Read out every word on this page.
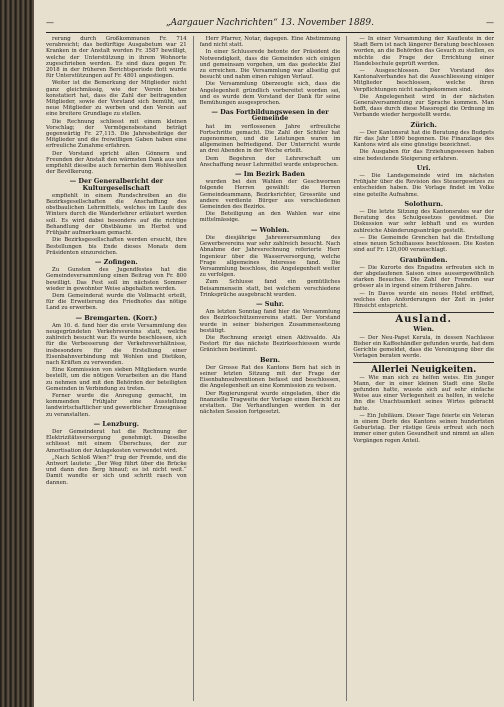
—	„Aargauer Nachrichten“ 13. November 1889.	—

rerung durch Großkommunen Fr. 714 verabreicht; das bedürftige Ausgabetum war 21 Kranken in der Anstalt worden Fr. 3587 bewilligt, welche der Unterstützung in ihrem Wohnorte zugeschrieben werden. Es sind dazu gegen Fr. 2018 in der früheren Berichtsperiode flott wurde für Unterstützungen auf Fr. 4801 angestiegen.

Weiter ist die Bemerkung der Mitglieder nicht ganz gleichmässig, wie der Verein bisher konstatiert hat, dass die Zahl der beitragenden Mitglieder, sowie der Vorstand sich bemüht, um neue Mitglieder zu werben und den Verein auf eine breitere Grundlage zu stellen.

Die Rechnung schliesst mit einem kleinen Vorschlag; der Vermögensbestand beträgt gegenwärtig Fr. 27,115. Die Jahresbeiträge der Mitglieder und die freiwilligen Gaben haben eine erfreuliche Zunahme erfahren.

Der Vorstand spricht allen Gönnern und Freunden der Anstalt den wärmsten Dank aus und empfiehlt dieselbe auch fernerhin dem Wohlwollen der Bevölkerung.

— Der Generalbericht der Kulturgesellschaft

empfiehlt in einem Rundschreiben an die Bezirksgesellschaften die Anschaffung des obstbaulichen Lehrmittels, welches im Laufe des Winters durch die Wanderlehrer erläutert werden soll. Es wird dabei besonders auf die richtige Behandlung der Obstbäume im Herbst und Frühjahr aufmerksam gemacht.

Die Bezirksgesellschaften werden ersucht, ihre Bestellungen bis Ende dieses Monats dem Präsidenten einzureichen.

— Zofingen.

Zu Gunsten des Jugendfestes hat die Gemeindeversammlung einen Beitrag von Fr. 800 bewilligt. Das Fest soll im nächsten Sommer wieder in gewohnter Weise abgehalten werden.

Dem Gemeinderat wurde die Vollmacht erteilt, für die Erweiterung des Friedhofes das nötige Land zu erwerben.

— Bremgarten. (Korr.)

Am 10. d. fand hier die erste Versammlung des neugegründeten Verkehrsvereins statt, welche zahlreich besucht war. Es wurde beschlossen, sich für die Verbesserung der Verkehrsverhältnisse, insbesondere für die Erstellung einer Eisenbahnverbindung mit Wohlen und Dietikon, nach Kräften zu verwenden.

Eine Kommission von sieben Mitgliedern wurde bestellt, um die nötigen Vorarbeiten an die Hand zu nehmen und mit den Behörden der beteiligten Gemeinden in Verbindung zu treten.

Ferner wurde die Anregung gemacht, im kommenden Frühjahr eine Ausstellung landwirtschaftlicher und gewerblicher Erzeugnisse zu veranstalten.

— Lenzburg.

Der Gemeinderat hat die Rechnung der Elektrizitätsversorgung genehmigt. Dieselbe schliesst mit einem Überschuss, der zur Amortisation der Anlagekosten verwendet wird.

„Nach Schloß Wien?“ frug der Fremde, und die Antwort lautete: „Der Weg führt über die Brücke und dann den Berg hinauf; es ist nicht weit.“ Damit wandte er sich und schritt rasch von dannen.

Herr Pfarrer, Notar, dagegen. Eine Abstimmung fand nicht statt.

In einer Schlussrede betonte der Präsident die Notwendigkeit, dass die Gemeinden sich einigen und gemeinsam vorgehen, um das gesteckte Ziel zu erreichen. Die Versammlung war allseitig gut besucht und nahm einen ruhigen Verlauf.

Die Versammlung überzeugte sich, dass die Angelegenheit gründlich vorbereitet worden sei, und es wurde dem Vorstand der Dank für seine Bemühungen ausgesprochen.

— Das Fortbildungswesen in der Gemeinde

hat im verflossenen Jahre erfreuliche Fortschritte gemacht. Die Zahl der Schüler hat zugenommen, und die Leistungen waren im allgemeinen befriedigend. Der Unterricht wurde an drei Abenden in der Woche erteilt.

Dem Begehren der Lehrerschaft um Anschaffung neuer Lehrmittel wurde entsprochen.

— Im Bezirk Baden

wurden bei den Wahlen der Geschwornen folgende Herren gewählt: die Herren Gemeindeammann, Bezirksrichter, Grossräte und andere verdiente Bürger aus verschiedenen Gemeinden des Bezirks.

Die Beteiligung an den Wahlen war eine mittelmässige.

— Wohlen.

Die diesjährige Jahresversammlung des Gewerbevereins war sehr zahlreich besucht. Nach Abnahme der Jahresrechnung referierte Herr Ingenieur über die Wasserversorgung, welche Frage allgemeines Interesse fand. Die Versammlung beschloss, die Angelegenheit weiter zu verfolgen.

Zum Schlusse fand ein gemütliches Beisammensein statt, bei welchem verschiedene Trinksprüche ausgebracht wurden.

— Suhr.

Am letzten Sonntag fand hier die Versammlung des Bezirksschützenvereins statt. Der Vorstand wurde in seiner bisherigen Zusammensetzung bestätigt.

Die Rechnung erzeigt einen Aktivsaldo. Als Festort für das nächste Bezirksschiessen wurde Gränichen bestimmt.

Bern.

Der Grosse Rat des Kantons Bern hat sich in seiner letzten Sitzung mit der Frage der Eisenbahnsubventionen befasst und beschlossen, die Angelegenheit an eine Kommission zu weisen.

Der Regierungsrat wurde eingeladen, über die finanzielle Tragweite der Vorlage einen Bericht zu erstatten. Die Verhandlungen werden in der nächsten Session fortgesetzt.

— In einer Versammlung der Kaufleute in der Stadt Bern ist nach längerer Beratung beschlossen worden, an die Behörden das Gesuch zu stellen, es möchte die Frage der Errichtung einer Handelsschule geprüft werden.

— Ausgeschlossen. Der Vorstand des Kantonalverbandes hat die Ausschliessung einiger Mitglieder beschlossen, welche ihren Verpflichtungen nicht nachgekommen sind.

Die Angelegenheit wird in der nächsten Generalversammlung zur Sprache kommen. Man hofft, dass durch diese Massregel die Ordnung im Verbande wieder hergestellt werde.

Zürich.

— Der Kantonsrat hat die Beratung des Budgets für das Jahr 1890 begonnen. Die Finanzlage des Kantons wird als eine günstige bezeichnet.

Die Ausgaben für das Erziehungswesen haben eine bedeutende Steigerung erfahren.

Uri.

— Die Landsgemeinde wird im nächsten Frühjahr über die Revision des Steuergesetzes zu entscheiden haben. Die Vorlage findet im Volke eine geteilte Aufnahme.

Solothurn.

— Die letzte Sitzung des Kantonsrates war der Beratung des Schulgesetzes gewidmet. Die Diskussion war sehr lebhaft und es wurden zahlreiche Abänderungsanträge gestellt.

— Die Gemeinde Grenchen hat die Erstellung eines neuen Schulhauses beschlossen. Die Kosten sind auf Fr. 120,000 veranschlagt.

Graubünden.

— Die Kurorte des Engadins erfreuten sich in der abgelaufenen Saison eines aussergewöhnlich starken Besuches. Die Zahl der Fremden war grösser als in irgend einem früheren Jahre.

— In Davos wurde ein neues Hotel eröffnet, welches den Anforderungen der Zeit in jeder Hinsicht entspricht.

Ausland.
Wien.

— Der Neu-Papst Kerula, in dessen Nachlasse Bisher ein Kaffeehändler gefunden wurde, hat dem Gerichte gemeldet, dass die Vereinigung über die Vorlagen beraten werde.

Allerlei Neuigkeiten.

— Wie man sich zu helfen weiss. Ein junger Mann, der in einer kleinen Stadt eine Stelle gefunden hatte, wusste sich auf sehr einfache Weise aus einer Verlegenheit zu helfen, in welche ihn die Unachtsamkeit seines Wirtes gebracht hatte.

— Ein Jubiläum. Dieser Tage feierte ein Veteran in einem Dorfe des Kantons seinen hundertsten Geburtstag. Der rüstige Greis erfreut sich noch immer einer guten Gesundheit und nimmt an allen Vorgängen regen Anteil.
